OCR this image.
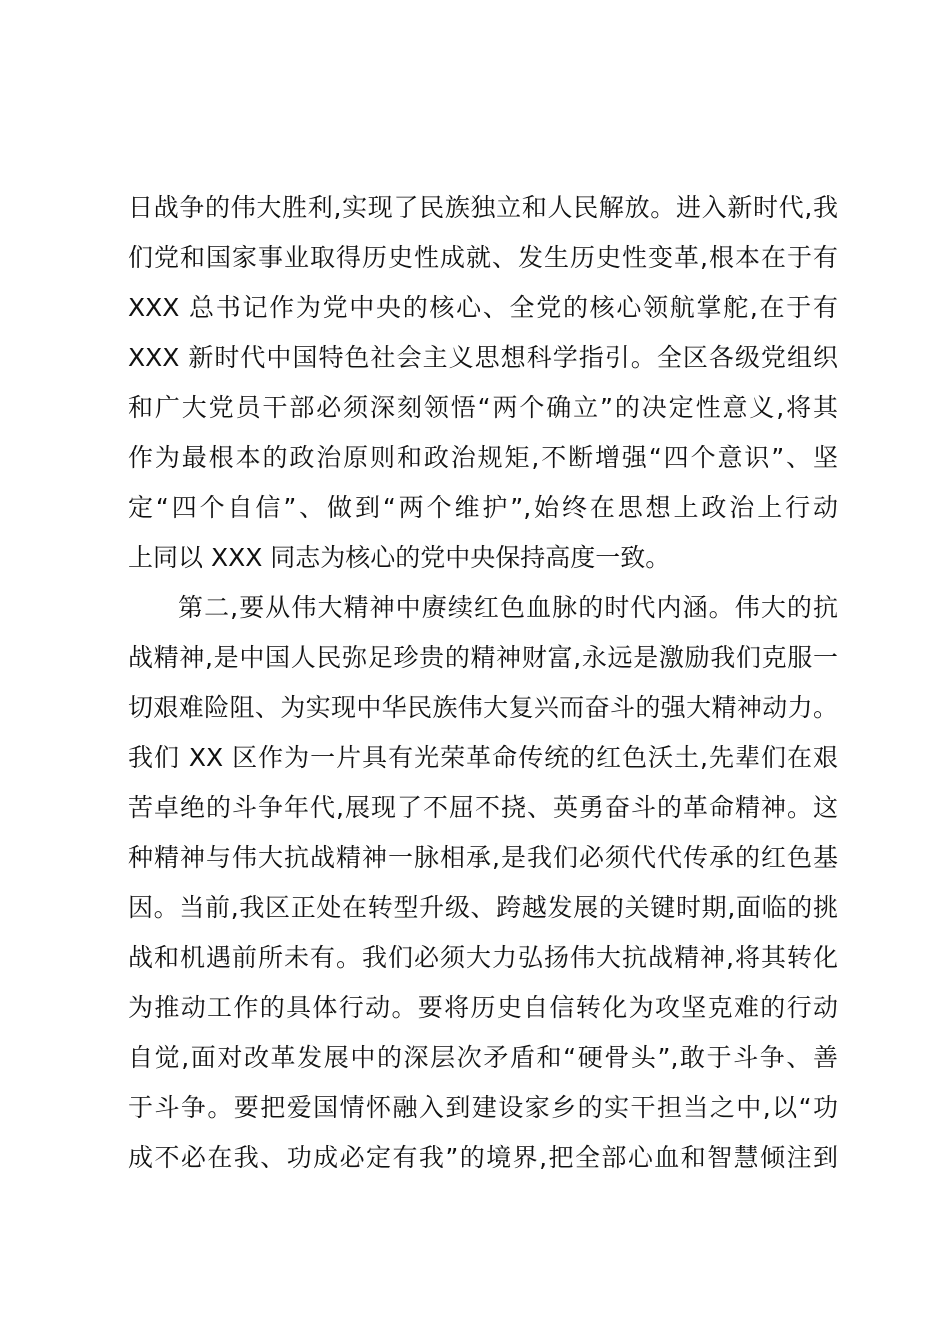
日战争的伟大胜利,实现了民族独立和人民解放。进入新时代,我
们党和国家事业取得历史性成就、发生历史性变革,根本在于有
XXX 总书记作为党中央的核心、全党的核心领航掌舵,在于有
XXX 新时代中国特色社会主义思想科学指引。全区各级党组织
和广大党员干部必须深刻领悟“两个确立”的决定性意义,将其
作为最根本的政治原则和政治规矩,不断增强“四个意识”、坚
定“四个自信”、做到“两个维护”,始终在思想上政治上行动
上同以 XXX 同志为核心的党中央保持高度一致。
第二,要从伟大精神中赓续红色血脉的时代内涵。伟大的抗
战精神,是中国人民弥足珍贵的精神财富,永远是激励我们克服一
切艰难险阻、为实现中华民族伟大复兴而奋斗的强大精神动力。
我们 XX 区作为一片具有光荣革命传统的红色沃土,先辈们在艰
苦卓绝的斗争年代,展现了不屈不挠、英勇奋斗的革命精神。这
种精神与伟大抗战精神一脉相承,是我们必须代代传承的红色基
因。当前,我区正处在转型升级、跨越发展的关键时期,面临的挑
战和机遇前所未有。我们必须大力弘扬伟大抗战精神,将其转化
为推动工作的具体行动。要将历史自信转化为攻坚克难的行动
自觉,面对改革发展中的深层次矛盾和“硬骨头”,敢于斗争、善
于斗争。要把爱国情怀融入到建设家乡的实干担当之中,以“功
成不必在我、功成必定有我”的境界,把全部心血和智慧倾注到
